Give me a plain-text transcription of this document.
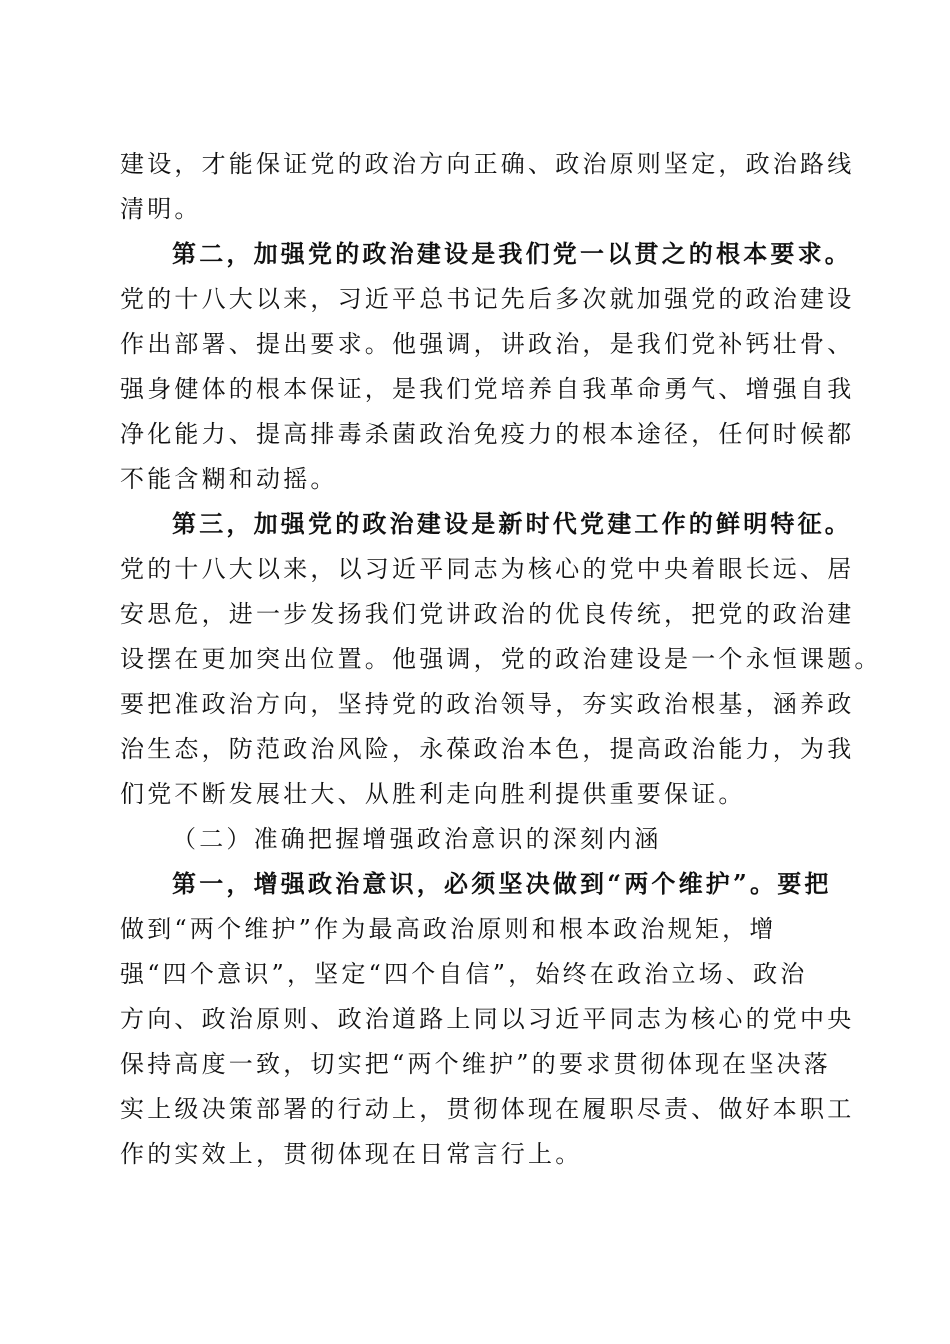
建设，才能保证党的政治方向正确、政治原则坚定，政治路线
清明。
第二，加强党的政治建设是我们党一以贯之的根本要求。
党的十八大以来，习近平总书记先后多次就加强党的政治建设
作出部署、提出要求。他强调，讲政治，是我们党补钙壮骨、
强身健体的根本保证，是我们党培养自我革命勇气、增强自我
净化能力、提高排毒杀菌政治免疫力的根本途径，任何时候都
不能含糊和动摇。
第三，加强党的政治建设是新时代党建工作的鲜明特征。
党的十八大以来，以习近平同志为核心的党中央着眼长远、居
安思危，进一步发扬我们党讲政治的优良传统，把党的政治建
设摆在更加突出位置。他强调，党的政治建设是一个永恒课题。
要把准政治方向，坚持党的政治领导，夯实政治根基，涵养政
治生态，防范政治风险，永葆政治本色，提高政治能力，为我
们党不断发展壮大、从胜利走向胜利提供重要保证。
（二）准确把握增强政治意识的深刻内涵
第一，增强政治意识，必须坚决做到“两个维护”。要把
做到“两个维护”作为最高政治原则和根本政治规矩，增
强“四个意识”，坚定“四个自信”，始终在政治立场、政治
方向、政治原则、政治道路上同以习近平同志为核心的党中央
保持高度一致，切实把“两个维护”的要求贯彻体现在坚决落
实上级决策部署的行动上，贯彻体现在履职尽责、做好本职工
作的实效上，贯彻体现在日常言行上。
